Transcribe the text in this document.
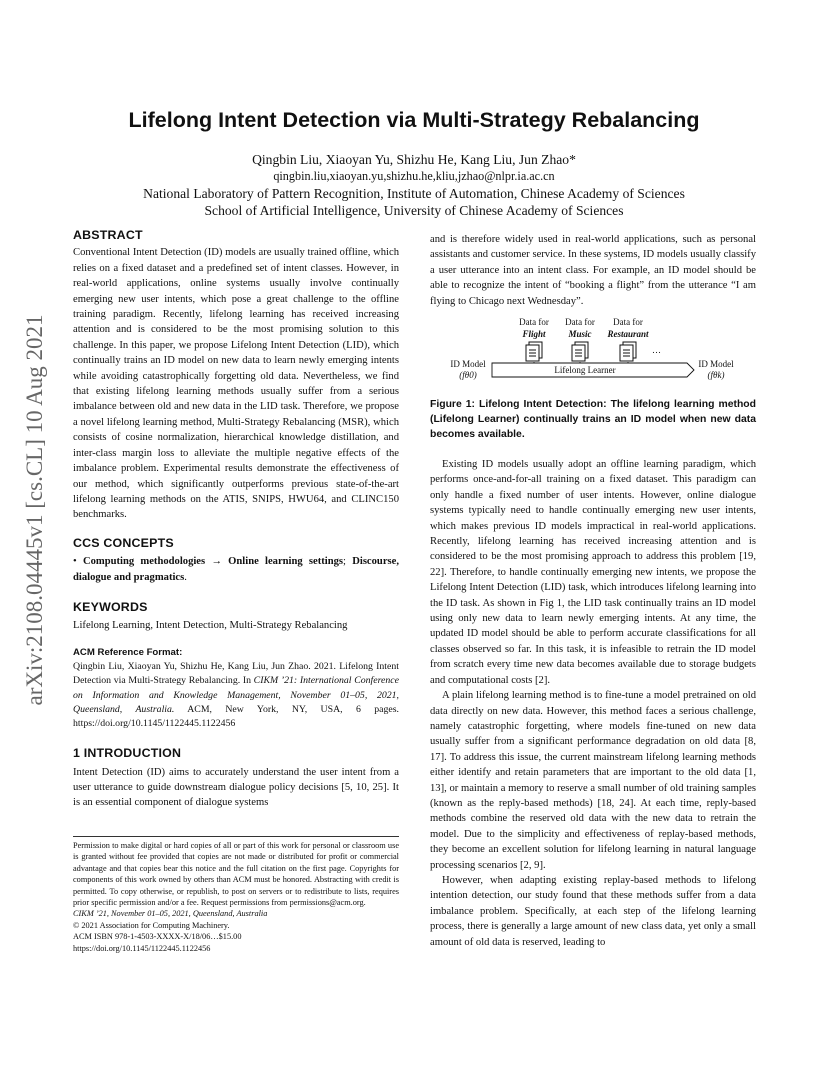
arXiv:2108.04445v1 [cs.CL] 10 Aug 2021
Lifelong Intent Detection via Multi-Strategy Rebalancing
Qingbin Liu, Xiaoyan Yu, Shizhu He, Kang Liu, Jun Zhao*
qingbin.liu,xiaoyan.yu,shizhu.he,kliu,jzhao@nlpr.ia.ac.cn
National Laboratory of Pattern Recognition, Institute of Automation, Chinese Academy of Sciences
School of Artificial Intelligence, University of Chinese Academy of Sciences
ABSTRACT

Conventional Intent Detection (ID) models are usually trained offline, which relies on a fixed dataset and a predefined set of intent classes. However, in real-world applications, online systems usually involve continually emerging new user intents, which pose a great challenge to the offline training paradigm. Recently, lifelong learning has received increasing attention and is considered to be the most promising solution to this challenge. In this paper, we propose Lifelong Intent Detection (LID), which continually trains an ID model on new data to learn newly emerging intents while avoiding catastrophically forgetting old data. Nevertheless, we find that existing lifelong learning methods usually suffer from a serious imbalance between old and new data in the LID task. Therefore, we propose a novel lifelong learning method, Multi-Strategy Rebalancing (MSR), which consists of cosine normalization, hierarchical knowledge distillation, and inter-class margin loss to alleviate the multiple negative effects of the imbalance problem. Experimental results demonstrate the effectiveness of our method, which significantly outperforms previous state-of-the-art lifelong learning methods on the ATIS, SNIPS, HWU64, and CLINC150 benchmarks.

CCS CONCEPTS

• Computing methodologies → Online learning settings; Discourse, dialogue and pragmatics.

KEYWORDS

Lifelong Learning, Intent Detection, Multi-Strategy Rebalancing

ACM Reference Format:

Qingbin Liu, Xiaoyan Yu, Shizhu He, Kang Liu, Jun Zhao. 2021. Lifelong Intent Detection via Multi-Strategy Rebalancing. In CIKM ’21: International Conference on Information and Knowledge Management, November 01–05, 2021, Queensland, Australia. ACM, New York, NY, USA, 6 pages. https://doi.org/10.1145/1122445.1122456

1 INTRODUCTION

Intent Detection (ID) aims to accurately understand the user intent from a user utterance to guide downstream dialogue policy decisions [5, 10, 25]. It is an essential component of dialogue systems

Permission to make digital or hard copies of all or part of this work for personal or classroom use is granted without fee provided that copies are not made or distributed for profit or commercial advantage and that copies bear this notice and the full citation on the first page. Copyrights for components of this work owned by others than ACM must be honored. Abstracting with credit is permitted. To copy otherwise, or republish, to post on servers or to redistribute to lists, requires prior specific permission and/or a fee. Request permissions from permissions@acm.org.
CIKM ’21, November 01–05, 2021, Queensland, Australia
© 2021 Association for Computing Machinery.
ACM ISBN 978-1-4503-XXXX-X/18/06…$15.00
https://doi.org/10.1145/1122445.1122456

and is therefore widely used in real-world applications, such as personal assistants and customer service. In these systems, ID models usually classify a user utterance into an intent class. For example, an ID model should be able to recognize the intent of “booking a flight” from the utterance “I am flying to Chicago next Wednesday”.

Data for Data for Data for
Flight	Music Restaurant
…
Lifelong Learner
ID Model
(fθ0)
ID Model
(fθk)
Figure 1: Lifelong Intent Detection: The lifelong learning method (Lifelong Learner) continually trains an ID model when new data becomes available.

Existing ID models usually adopt an offline learning paradigm, which performs once-and-for-all training on a fixed dataset. This paradigm can only handle a fixed number of user intents. However, online dialogue systems typically need to handle continually emerging new user intents, which makes previous ID models impractical in real-world applications. Recently, lifelong learning has received increasing attention and is considered to be the most promising approach to address this problem [19, 22]. Therefore, to handle continually emerging new intents, we propose the Lifelong Intent Detection (LID) task, which introduces lifelong learning into the ID task. As shown in Fig 1, the LID task continually trains an ID model using only new data to learn newly emerging intents. At any time, the updated ID model should be able to perform accurate classifications for all classes observed so far. In this task, it is infeasible to retrain the ID model from scratch every time new data becomes available due to storage budgets and computational costs [2].

A plain lifelong learning method is to fine-tune a model pretrained on old data directly on new data. However, this method faces a serious challenge, namely catastrophic forgetting, where models fine-tuned on new data usually suffer from a significant performance degradation on old data [8, 17]. To address this issue, the current mainstream lifelong learning methods either identify and retain parameters that are important to the old data [1, 13], or maintain a memory to reserve a small number of old training samples (known as the reply-based methods) [18, 24]. At each time, reply-based methods combine the reserved old data with the new data to retrain the model. Due to the simplicity and effectiveness of replay-based methods, they become an excellent solution for lifelong learning in natural language processing scenarios [2, 9].

However, when adapting existing replay-based methods to lifelong intention detection, our study found that these methods suffer from a data imbalance problem. Specifically, at each step of the lifelong learning process, there is generally a large amount of new class data, yet only a small amount of old data is reserved, leading to
